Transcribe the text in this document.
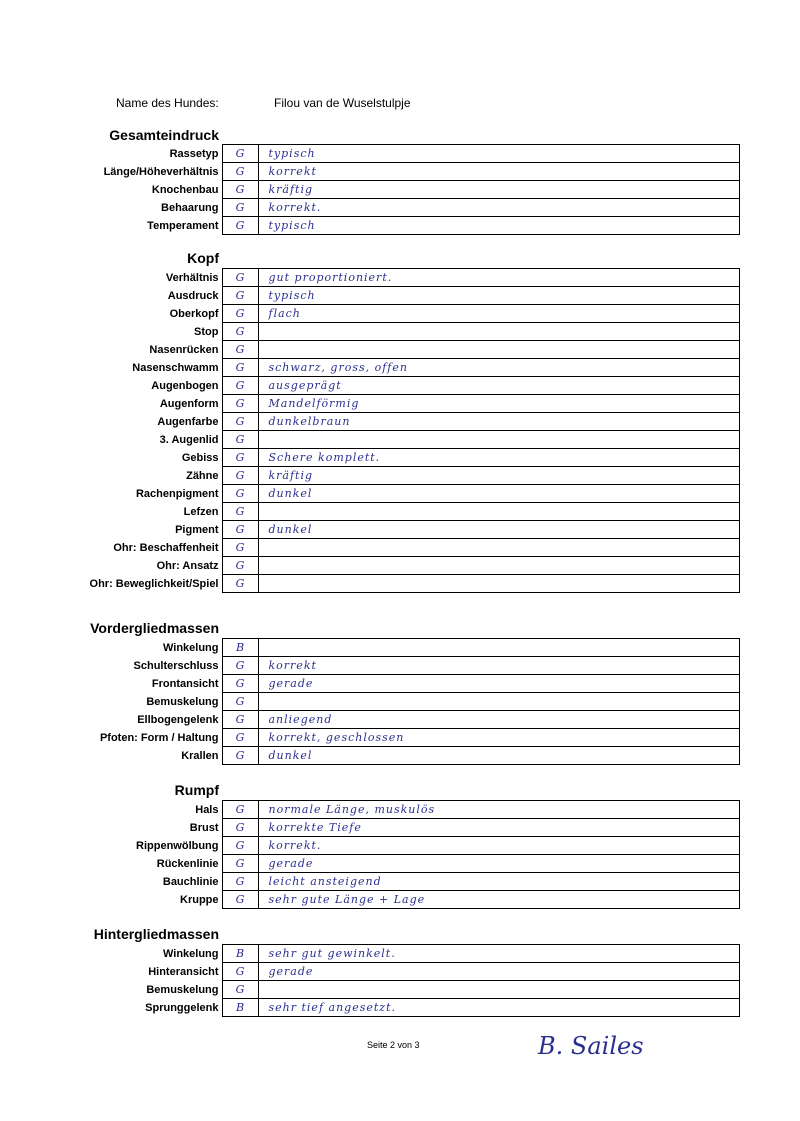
Name des Hundes:	Filou van de Wuselstulpje
Gesamteindruck
Kopf
Vordergliedmassen
Rumpf
Hintergliedmassen
Rassetyp	G	typisch
Länge/Höheverhältnis	G	korrekt
Knochenbau	G	kräftig
Behaarung	G	korrekt.
Temperament	G	typisch
Verhältnis	G	gut proportioniert.
Ausdruck	G	typisch
Oberkopf	G	flach
Stop	G	
Nasenrücken	G	
Nasenschwamm	G	schwarz, gross, offen
Augenbogen	G	ausgeprägt
Augenform	G	Mandelförmig
Augenfarbe	G	dunkelbraun
3. Augenlid	G	
Gebiss	G	Schere komplett.
Zähne	G	kräftig
Rachenpigment	G	dunkel
Lefzen	G	
Pigment	G	dunkel
Ohr: Beschaffenheit	G	
Ohr: Ansatz	G	
Ohr: Beweglichkeit/Spiel	G	
Winkelung	B	
Schulterschluss	G	korrekt
Frontansicht	G	gerade
Bemuskelung	G	
Ellbogengelenk	G	anliegend
Pfoten: Form / Haltung	G	korrekt, geschlossen
Krallen	G	dunkel
Hals	G	normale Länge, muskulös
Brust	G	korrekte Tiefe
Rippenwölbung	G	korrekt.
Rückenlinie	G	gerade
Bauchlinie	G	leicht ansteigend
Kruppe	G	sehr gute Länge + Lage
Winkelung	B	sehr gut gewinkelt.
Hinteransicht	G	gerade
Bemuskelung	G	
Sprunggelenk	B	sehr tief angesetzt.
Seite 2 von 3	B. Sailes
